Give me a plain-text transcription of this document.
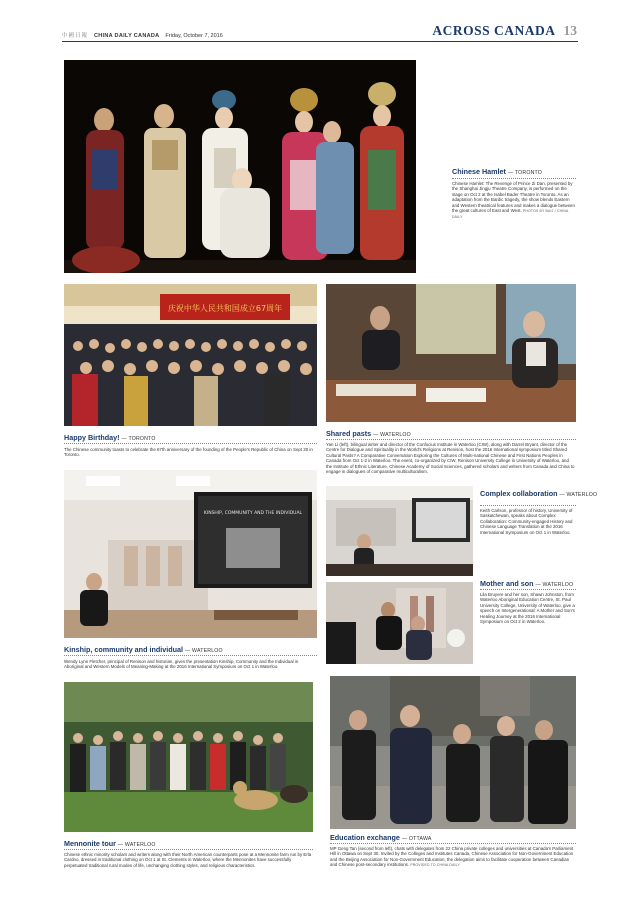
中國日報 CHINA DAILY CANADA Friday, October 7, 2016	ACROSS CANADA 13
Chinese Hamlet — TORONTO
Chinese Hamlet: The Revenge of Prince Zi Dan, presented by the Shanghai Jingju Theatre Company, is performed on the stage on Oct 2 at the Isabel Bader Theatre in Toronto. As an adaptation from the Bardic tragedy, the show blends Eastern and Western theatrical features and makes a dialogue between the great cultures of East and West. PHOTOS BY BAIJ / CHINA DAILY
庆祝中华人民共和国成立67周年
Happy Birthday! — TORONTO
The Chinese community toasts to celebrate the 67th anniversary of the founding of the People's Republic of China on Sept 30 in Toronto.
Shared pasts — WATERLOO
Yan Li (left), bilingual writer and director of the Confucius Institute in Waterloo (CIW), along with Darrel Bryant, director of the Centre for Dialogue and Spirituality in the World's Religions at Renison, host the 2016 International symposium titled Shared Cultural Pasts? A Comparative Conversation Exploring the Cultures of Multi-national Chinese and First Nations Peoples in Canada from Oct 1-2 in Waterloo. The event, co-organized by CIW, Renison University College in University of Waterloo, and the Institute of Ethnic Literature, Chinese Academy of Social Sciences, gathered scholars and writers from Canada and China to engage in dialogues of comparative multiculturalism.
KINSHIP, COMMUNITY AND THE INDIVIDUAL
Kinship, community and individual — WATERLOO
Wendy Lynn Fletcher, principal of Renison and historian, gives the presentation Kinship, Community and the Individual in Aboriginal and Western Models of Meaning-Making at the 2016 International Symposium on Oct 1 in Waterloo.
Complex collaboration — WATERLOO
Keith Carlson, professor of history, University of Saskatchewan, speaks about Complex Collaboration: Community-engaged History and Chinese Language Translation at the 2016 International Symposium on Oct 1 in Waterloo.
Mother and son — WATERLOO
Lila Bruyere and her son, Shawn Johnston, from Waterloo Aboriginal Education Centre, St. Paul University College, University of Waterloo, give a speech on Intergenerational: A Mother and Son's Healing Journey at the 2016 International Symposium on Oct 2 in Waterloo.
Mennonite tour — WATERLOO
Chinese ethnic minority scholars and writers along with their North American counterparts pose at a Mennonite farm run by Erla Cardno, dressed in traditional clothing on Oct 1 at St. Clements in Waterloo, where the Mennonites have successfully perpetuated traditional rural modes of life, unchanging clothing styles, and religious characteristics.
Education exchange — OTTAWA
MP Geng Tan (second from left), chats with delegates from 22 China private colleges and universities at Canada's Parliament Hill in Ottawa on Sept 30. Invited by the Colleges and Institutes Canada, Chinese Association for Non-Government Education and the Beijing Association for Non-Government Education, the delegation aims to facilitate cooperation between Canadian and Chinese post-secondary institutions. PROVIDED TO CHINA DAILY
